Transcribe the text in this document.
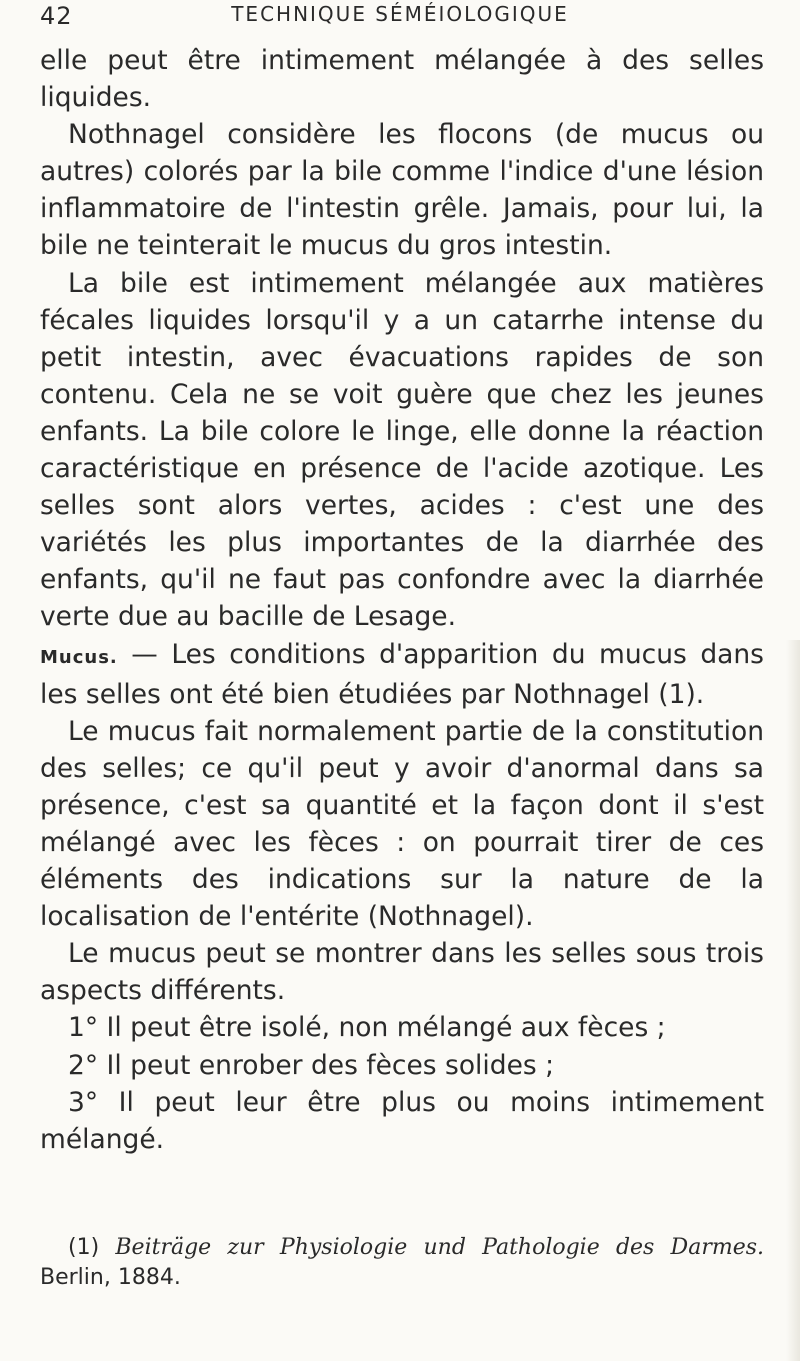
42	TECHNIQUE SÉMÉIOLOGIQUE

elle peut être intimement mélangée à des selles liquides.

Nothnagel considère les flocons (de mucus ou autres) colorés par la bile comme l'indice d'une lésion inflammatoire de l'intestin grêle. Jamais, pour lui, la bile ne teinterait le mucus du gros intestin.

La bile est intimement mélangée aux matières fécales liquides lorsqu'il y a un catarrhe intense du petit intestin, avec évacuations rapides de son contenu. Cela ne se voit guère que chez les jeunes enfants. La bile colore le linge, elle donne la réaction caractéristique en présence de l'acide azotique. Les selles sont alors vertes, acides : c'est une des variétés les plus importantes de la diarrhée des enfants, qu'il ne faut pas confondre avec la diarrhée verte due au bacille de Lesage.

Mucus. — Les conditions d'apparition du mucus dans les selles ont été bien étudiées par Nothnagel (1).

Le mucus fait normalement partie de la constitution des selles; ce qu'il peut y avoir d'anormal dans sa présence, c'est sa quantité et la façon dont il s'est mélangé avec les fèces : on pourrait tirer de ces éléments des indications sur la nature de la localisation de l'entérite (Nothnagel).

Le mucus peut se montrer dans les selles sous trois aspects différents.

1° Il peut être isolé, non mélangé aux fèces ;

2° Il peut enrober des fèces solides ;

3° Il peut leur être plus ou moins intimement mélangé.

(1) Beiträge zur Physiologie und Pathologie des Darmes. Berlin, 1884.
